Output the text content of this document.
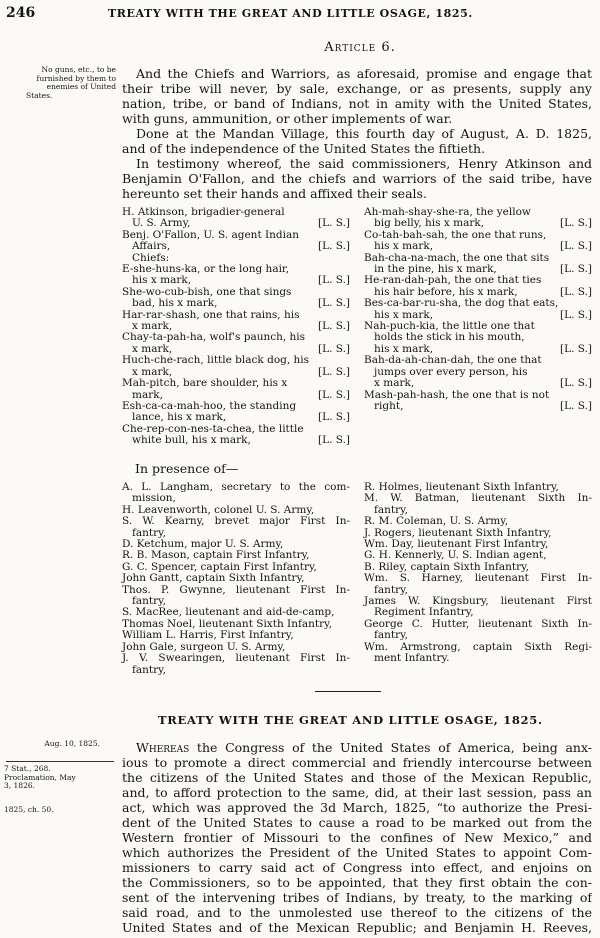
246	TREATY WITH THE GREAT AND LITTLE OSAGE, 1825.
Article 6.
No guns, etc., to be
furnished by them to
enemies of United
States.
And the Chiefs and Warriors, as aforesaid, promise and engage that
their tribe will never, by sale, exchange, or as presents, supply any
nation, tribe, or band of Indians, not in amity with the United States,
with guns, ammunition, or other implements of war.
Done at the Mandan Village, this fourth day of August, A. D. 1825,
and of the independence of the United States the fiftieth.
In testimony whereof, the said commissioners, Henry Atkinson and
Benjamin O'Fallon, and the chiefs and warriors of the said tribe, have
hereunto set their hands and affixed their seals.
H. Atkinson, brigadier-general
U. S. Army,	[L. S.]
Benj. O'Fallon, U. S. agent Indian
Affairs,	[L. S.]
Chiefs:
E-she-huns-ka, or the long hair,
his x mark,	[L. S.]
She-wo-cub-bish, one that sings
bad, his x mark,	[L. S.]
Har-rar-shash, one that rains, his
x mark,	[L. S.]
Chay-ta-pah-ha, wolf's paunch, his
x mark,	[L. S.]
Huch-che-rach, little black dog, his
x mark,	[L. S.]
Mah-pitch, bare shoulder, his x
mark,	[L. S.]
Esh-ca-ca-mah-hoo, the standing
lance, his x mark,	[L. S.]
Che-rep-con-nes-ta-chea, the little
white bull, his x mark,	[L. S.]
Ah-mah-shay-she-ra, the yellow
big belly, his x mark,	[L. S.]
Co-tah-bah-sah, the one that runs,
his x mark,	[L. S.]
Bah-cha-na-mach, the one that sits
in the pine, his x mark,	[L. S.]
He-ran-dah-pah, the one that ties
his hair before, his x mark,	[L. S.]
Bes-ca-bar-ru-sha, the dog that eats,
his x mark,	[L. S.]
Nah-puch-kia, the little one that
holds the stick in his mouth,
his x mark,	[L. S.]
Bah-da-ah-chan-dah, the one that
jumps over every person, his
x mark,	[L. S.]
Mash-pah-hash, the one that is not
right,	[L. S.]
In presence of—
A. L. Langham, secretary to the com-
mission,
H. Leavenworth, colonel U. S. Army,
S. W. Kearny, brevet major First In-
fantry,
D. Ketchum, major U. S. Army,
R. B. Mason, captain First Infantry,
G. C. Spencer, captain First Infantry,
John Gantt, captain Sixth Infantry,
Thos. P. Gwynne, lieutenant First In-
fantry,
S. MacRee, lieutenant and aid-de-camp,
Thomas Noel, lieutenant Sixth Infantry,
William L. Harris, First Infantry,
John Gale, surgeon U. S. Army,
J. V. Swearingen, lieutenant First In-
fantry,
R. Holmes, lieutenant Sixth Infantry,
M. W. Batman, lieutenant Sixth In-
fantry,
R. M. Coleman, U. S. Army,
J. Rogers, lieutenant Sixth Infantry,
Wm. Day, lieutenant First Infantry,
G. H. Kennerly, U. S. Indian agent,
B. Riley, captain Sixth Infantry,
Wm. S. Harney, lieutenant First In-
fantry,
James W. Kingsbury, lieutenant First
Regiment Infantry,
George C. Hutter, lieutenant Sixth In-
fantry,
Wm. Armstrong, captain Sixth Regi-
ment Infantry.
TREATY WITH THE GREAT AND LITTLE OSAGE, 1825.
Aug. 10, 1825.
7 Stat., 268.
Proclamation, May
3, 1826.
1825, ch. 50.
Whereas the Congress of the United States of America, being anx-
ious to promote a direct commercial and friendly intercourse between
the citizens of the United States and those of the Mexican Republic,
and, to afford protection to the same, did, at their last session, pass an
act, which was approved the 3d March, 1825, “to authorize the Presi-
dent of the United States to cause a road to be marked out from the
Western frontier of Missouri to the confines of New Mexico,” and
which authorizes the President of the United States to appoint Com-
missioners to carry said act of Congress into effect, and enjoins on
the Commissioners, so to be appointed, that they first obtain the con-
sent of the intervening tribes of Indians, by treaty, to the marking of
said road, and to the unmolested use thereof to the citizens of the
United States and of the Mexican Republic; and Benjamin H. Reeves,
